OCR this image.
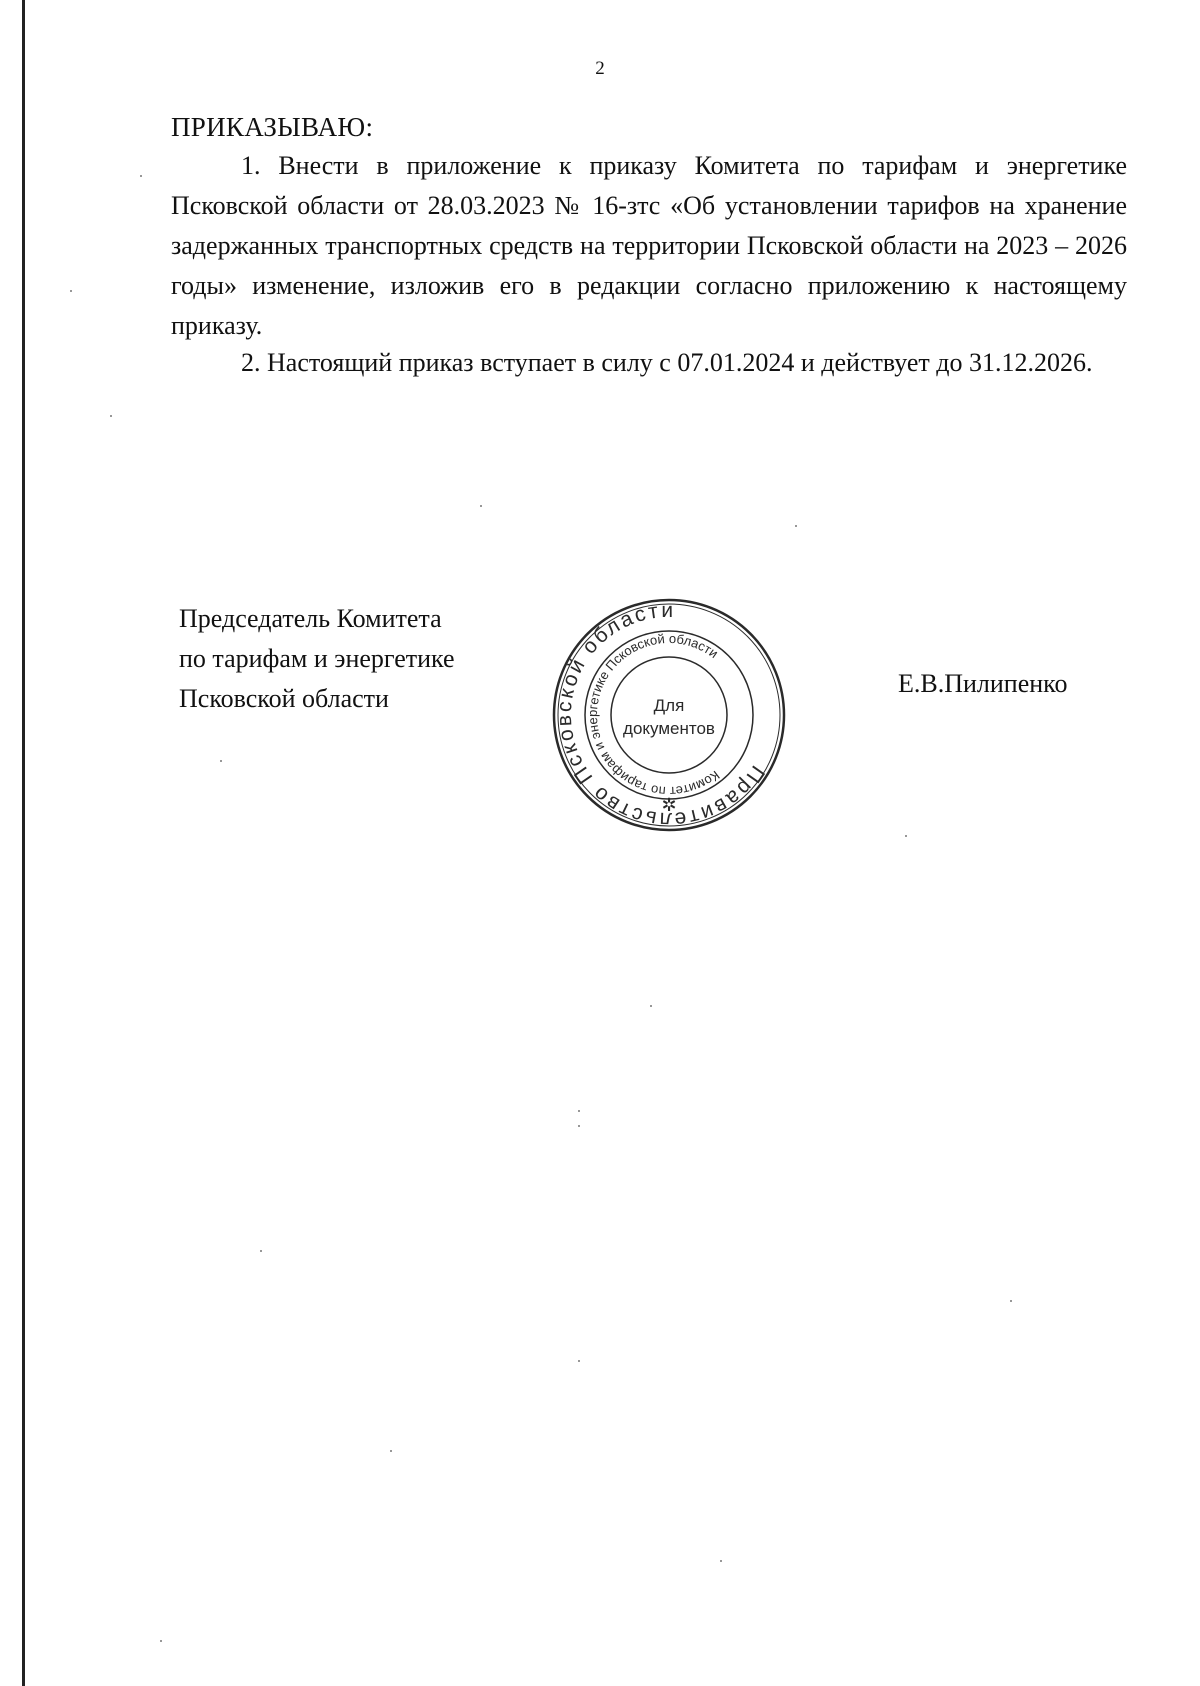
2
ПРИКАЗЫВАЮ:
1. Внести в приложение к приказу Комитета по тарифам и энергетике Псковской области от 28.03.2023 № 16-зтс «Об установлении тарифов на хранение задержанных транспортных средств на территории Псковской области на 2023 – 2026 годы» изменение, изложив его в редакции согласно приложению к настоящему приказу.
2. Настоящий приказ вступает в силу с 07.01.2024 и действует до 31.12.2026.
Председатель Комитета
по тарифам и энергетике
Псковской области
Правительство Псковской области
Комитет по тарифам и энергетике Псковской области
Для
документов
✲
Е.В.Пилипенко
